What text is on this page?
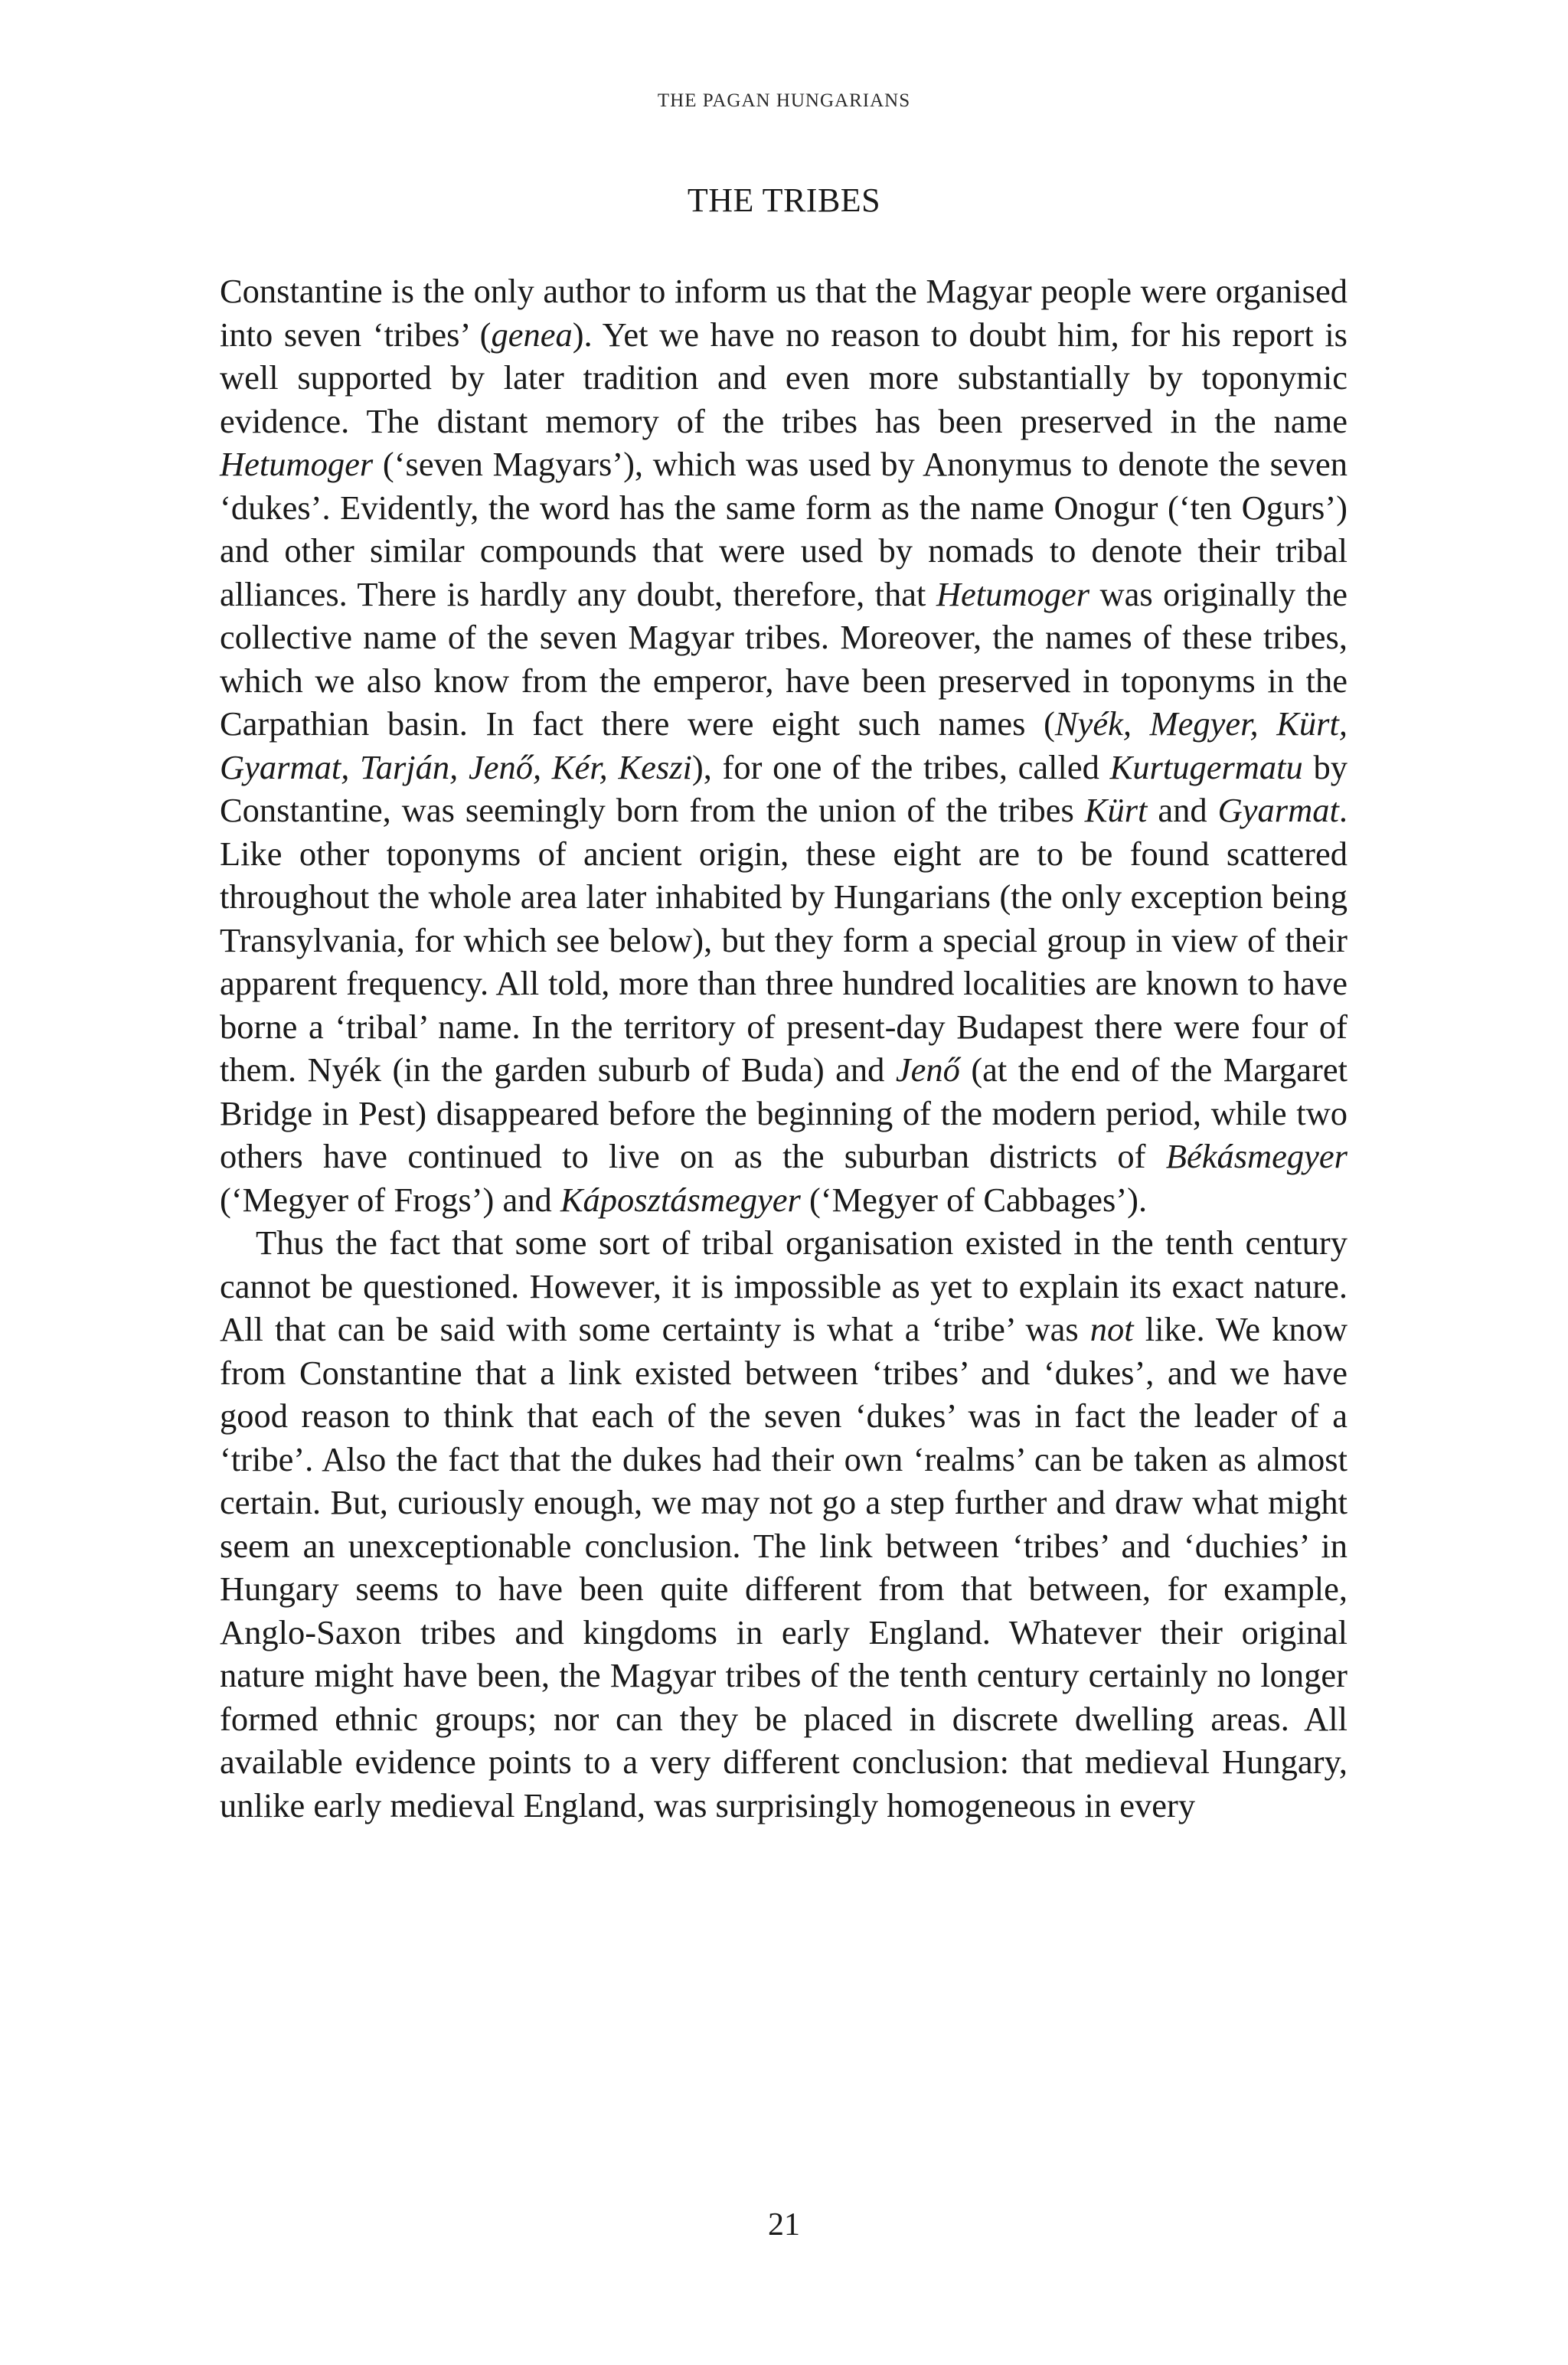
THE PAGAN HUNGARIANS
THE TRIBES

Constantine is the only author to inform us that the Magyar people were organised into seven ‘tribes’ (genea). Yet we have no reason to doubt him, for his report is well supported by later tradition and even more substantially by toponymic evidence. The distant memory of the tribes has been preserved in the name Hetumoger (‘seven Magyars’), which was used by Anonymus to denote the seven ‘dukes’. Evidently, the word has the same form as the name Onogur (‘ten Ogurs’) and other similar compounds that were used by nomads to denote their tribal alliances. There is hardly any doubt, therefore, that Hetumoger was originally the collective name of the seven Magyar tribes. Moreover, the names of these tribes, which we also know from the emperor, have been preserved in toponyms in the Carpathian basin. In fact there were eight such names (Nyék, Megyer, Kürt, Gyarmat, Tarján, Jenő, Kér, Keszi), for one of the tribes, called Kurtugermatu by Constantine, was seemingly born from the union of the tribes Kürt and Gyarmat. Like other toponyms of ancient origin, these eight are to be found scattered throughout the whole area later inhabited by Hungarians (the only exception being Transylvania, for which see below), but they form a special group in view of their apparent frequency. All told, more than three hundred localities are known to have borne a ‘tribal’ name. In the territory of present-day Budapest there were four of them. Nyék (in the garden suburb of Buda) and Jenő (at the end of the Margaret Bridge in Pest) disappeared before the beginning of the modern period, while two others have continued to live on as the suburban districts of Békásmegyer (‘Megyer of Frogs’) and Káposztásmegyer (‘Megyer of Cabbages’).

Thus the fact that some sort of tribal organisation existed in the tenth century cannot be questioned. However, it is impossible as yet to explain its exact nature. All that can be said with some certainty is what a ‘tribe’ was not like. We know from Constantine that a link existed between ‘tribes’ and ‘dukes’, and we have good reason to think that each of the seven ‘dukes’ was in fact the leader of a ‘tribe’. Also the fact that the dukes had their own ‘realms’ can be taken as almost certain. But, curiously enough, we may not go a step further and draw what might seem an unexceptionable conclusion. The link between ‘tribes’ and ‘duchies’ in Hungary seems to have been quite different from that between, for example, Anglo-Saxon tribes and kingdoms in early England. Whatever their original nature might have been, the Magyar tribes of the tenth century certainly no longer formed ethnic groups; nor can they be placed in discrete dwelling areas. All available evidence points to a very different conclusion: that medieval Hungary, unlike early medieval England, was surprisingly homogeneous in every

21
